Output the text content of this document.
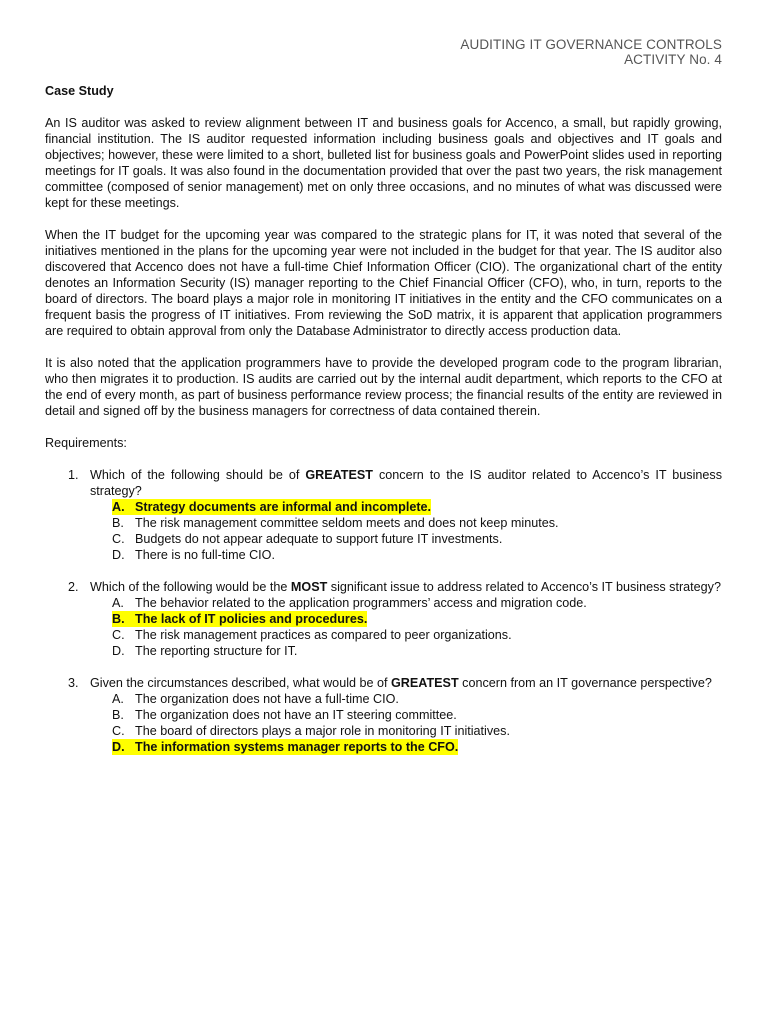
AUDITING IT GOVERNANCE CONTROLS
ACTIVITY No. 4
Case Study

An IS auditor was asked to review alignment between IT and business goals for Accenco, a small, but rapidly growing, financial institution. The IS auditor requested information including business goals and objectives and IT goals and objectives; however, these were limited to a short, bulleted list for business goals and PowerPoint slides used in reporting meetings for IT goals. It was also found in the documentation provided that over the past two years, the risk management committee (composed of senior management) met on only three occasions, and no minutes of what was discussed were kept for these meetings.

When the IT budget for the upcoming year was compared to the strategic plans for IT, it was noted that several of the initiatives mentioned in the plans for the upcoming year were not included in the budget for that year. The IS auditor also discovered that Accenco does not have a full-time Chief Information Officer (CIO). The organizational chart of the entity denotes an Information Security (IS) manager reporting to the Chief Financial Officer (CFO), who, in turn, reports to the board of directors. The board plays a major role in monitoring IT initiatives in the entity and the CFO communicates on a frequent basis the progress of IT initiatives. From reviewing the SoD matrix, it is apparent that application programmers are required to obtain approval from only the Database Administrator to directly access production data.

It is also noted that the application programmers have to provide the developed program code to the program librarian, who then migrates it to production. IS audits are carried out by the internal audit department, which reports to the CFO at the end of every month, as part of business performance review process; the financial results of the entity are reviewed in detail and signed off by the business managers for correctness of data contained therein.

Requirements:
1. Which of the following should be of GREATEST concern to the IS auditor related to Accenco’s IT business strategy?
A. Strategy documents are informal and incomplete.
B. The risk management committee seldom meets and does not keep minutes.
C. Budgets do not appear adequate to support future IT investments.
D. There is no full-time CIO.
2. Which of the following would be the MOST significant issue to address related to Accenco’s IT business strategy?
A. The behavior related to the application programmers’ access and migration code.
B. The lack of IT policies and procedures.
C. The risk management practices as compared to peer organizations.
D. The reporting structure for IT.
3. Given the circumstances described, what would be of GREATEST concern from an IT governance perspective?
A. The organization does not have a full-time CIO.
B. The organization does not have an IT steering committee.
C. The board of directors plays a major role in monitoring IT initiatives.
D. The information systems manager reports to the CFO.
